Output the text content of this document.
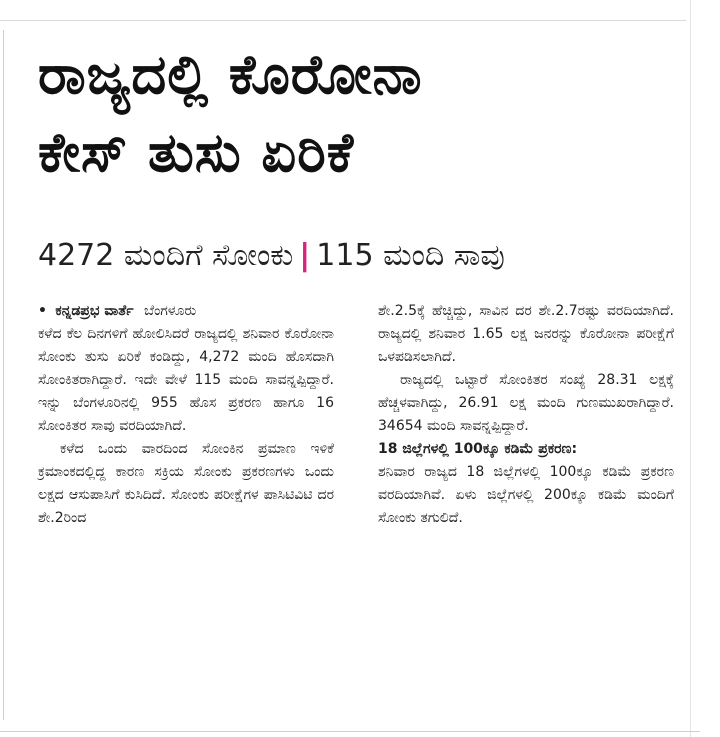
ರಾಜ್ಯದಲ್ಲಿ ಕೊರೋನಾ
ಕೇಸ್ ತುಸು ಏರಿಕೆ
4272 ಮಂದಿಗೆ ಸೋಂಕು | 115 ಮಂದಿ ಸಾವು

• ಕನ್ನಡಪ್ರಭ ವಾರ್ತೆ ಬೆಂಗಳೂರು

ಕಳೆದ ಕೆಲ ದಿನಗಳಿಗೆ ಹೋಲಿಸಿದರೆ ರಾಜ್ಯದಲ್ಲಿ ಶನಿವಾರ ಕೊರೋನಾ ಸೋಂಕು ತುಸು ಏರಿಕೆ ಕಂಡಿದ್ದು, 4,272 ಮಂದಿ ಹೊಸದಾಗಿ ಸೋಂಕಿತರಾಗಿದ್ದಾರೆ. ಇದೇ ವೇಳೆ 115 ಮಂದಿ ಸಾವನ್ನಪ್ಪಿದ್ದಾರೆ. ಇನ್ನು ಬೆಂಗಳೂರಿನಲ್ಲಿ 955 ಹೊಸ ಪ್ರಕರಣ ಹಾಗೂ 16 ಸೋಂಕಿತರ ಸಾವು ವರದಿಯಾಗಿದೆ.

ಕಳೆದ ಒಂದು ವಾರದಿಂದ ಸೋಂಕಿನ ಪ್ರಮಾಣ ಇಳಿಕೆ ಕ್ರಮಾಂಕದಲ್ಲಿದ್ದ ಕಾರಣ ಸಕ್ರಿಯ ಸೋಂಕು ಪ್ರಕರಣಗಳು ಒಂದು ಲಕ್ಷದ ಆಸುಪಾಸಿಗೆ ಕುಸಿದಿದೆ. ಸೋಂಕು ಪರೀಕ್ಷೆಗಳ ಪಾಸಿಟಿವಿಟಿ ದರ ಶೇ.2ರಿಂದ

ಶೇ.2.5ಕ್ಕೆ ಹೆಚ್ಚಿದ್ದು, ಸಾವಿನ ದರ ಶೇ.2.7ರಷ್ಟು ವರದಿಯಾಗಿದೆ. ರಾಜ್ಯದಲ್ಲಿ ಶನಿವಾರ 1.65 ಲಕ್ಷ ಜನರನ್ನು ಕೊರೋನಾ ಪರೀಕ್ಷೆಗೆ ಒಳಪಡಿಸಲಾಗಿದೆ.

ರಾಜ್ಯದಲ್ಲಿ ಒಟ್ಟಾರೆ ಸೋಂಕಿತರ ಸಂಖ್ಯೆ 28.31 ಲಕ್ಷಕ್ಕೆ ಹೆಚ್ಚಳವಾಗಿದ್ದು, 26.91 ಲಕ್ಷ ಮಂದಿ ಗುಣಮುಖರಾಗಿದ್ದಾರೆ. 34654 ಮಂದಿ ಸಾವನ್ನಪ್ಪಿದ್ದಾರೆ.

18 ಜಿಲ್ಲೆಗಳಲ್ಲಿ 100ಕ್ಕೂ ಕಡಿಮೆ ಪ್ರಕರಣ:

ಶನಿವಾರ ರಾಜ್ಯದ 18 ಜಿಲ್ಲೆಗಳಲ್ಲಿ 100ಕ್ಕೂ ಕಡಿಮೆ ಪ್ರಕರಣ ವರದಿಯಾಗಿವೆ. ಏಳು ಜಿಲ್ಲೆಗಳಲ್ಲಿ 200ಕ್ಕೂ ಕಡಿಮೆ ಮಂದಿಗೆ ಸೋಂಕು ತಗುಲಿದೆ.
